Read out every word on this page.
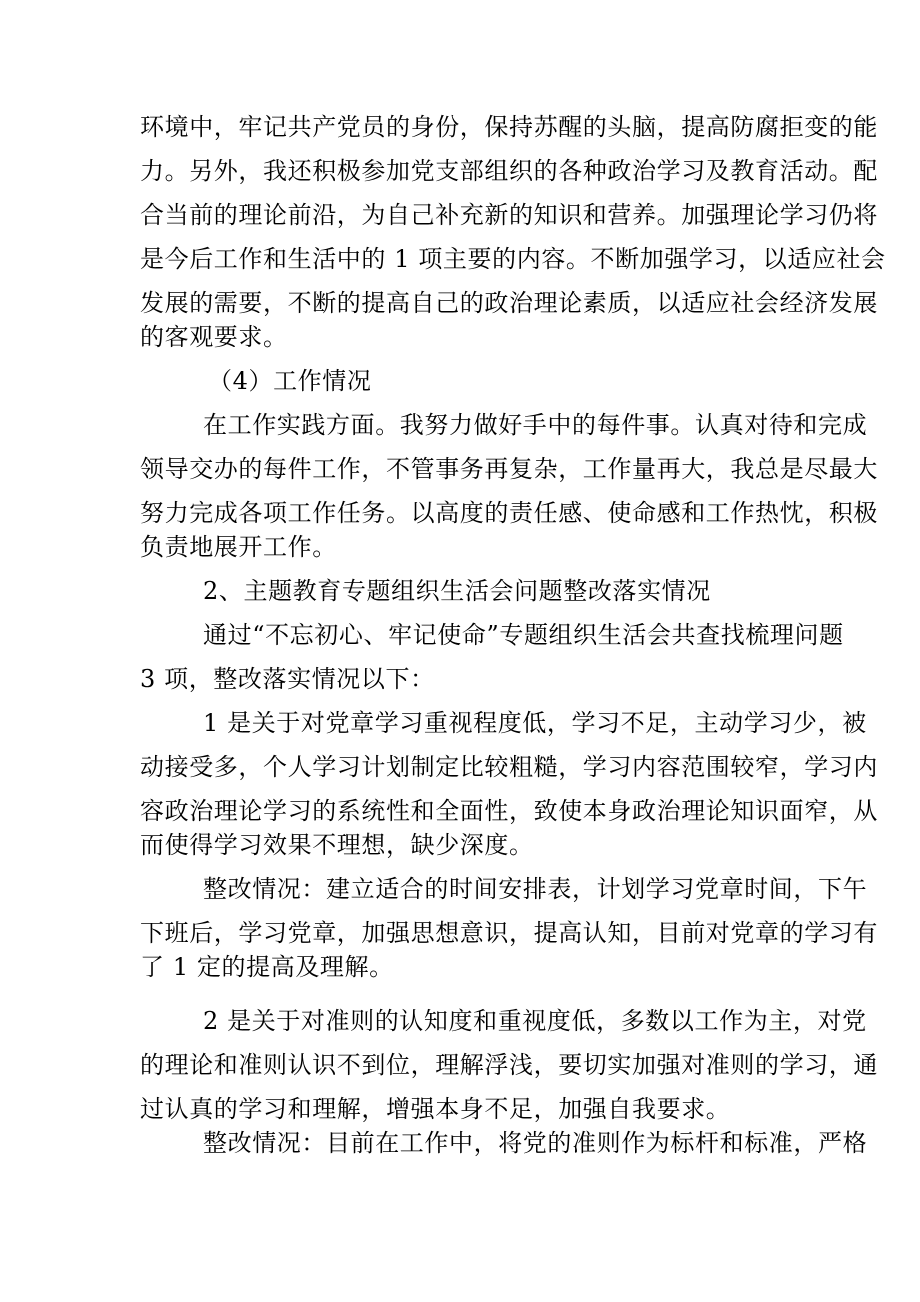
环境中，牢记共产党员的身份，保持苏醒的头脑，提高防腐拒变的能
力。另外，我还积极参加党支部组织的各种政治学习及教育活动。配
合当前的理论前沿，为自己补充新的知识和营养。加强理论学习仍将
是今后工作和生活中的 1 项主要的内容。不断加强学习，以适应社会
发展的需要，不断的提高自己的政治理论素质，以适应社会经济发展
的客观要求。
（4）工作情况
在工作实践方面。我努力做好手中的每件事。认真对待和完成
领导交办的每件工作，不管事务再复杂，工作量再大，我总是尽最大
努力完成各项工作任务。以高度的责任感、使命感和工作热忱，积极
负责地展开工作。
2、主题教育专题组织生活会问题整改落实情况
通过“不忘初心、牢记使命”专题组织生活会共查找梳理问题
3 项，整改落实情况以下：
1 是关于对党章学习重视程度低，学习不足，主动学习少，被
动接受多，个人学习计划制定比较粗糙，学习内容范围较窄，学习内
容政治理论学习的系统性和全面性，致使本身政治理论知识面窄，从
而使得学习效果不理想，缺少深度。
整改情况：建立适合的时间安排表，计划学习党章时间，下午
下班后，学习党章，加强思想意识，提高认知，目前对党章的学习有
了 1 定的提高及理解。
2 是关于对准则的认知度和重视度低，多数以工作为主，对党
的理论和准则认识不到位，理解浮浅，要切实加强对准则的学习，通
过认真的学习和理解，增强本身不足，加强自我要求。
整改情况：目前在工作中，将党的准则作为标杆和标准，严格
